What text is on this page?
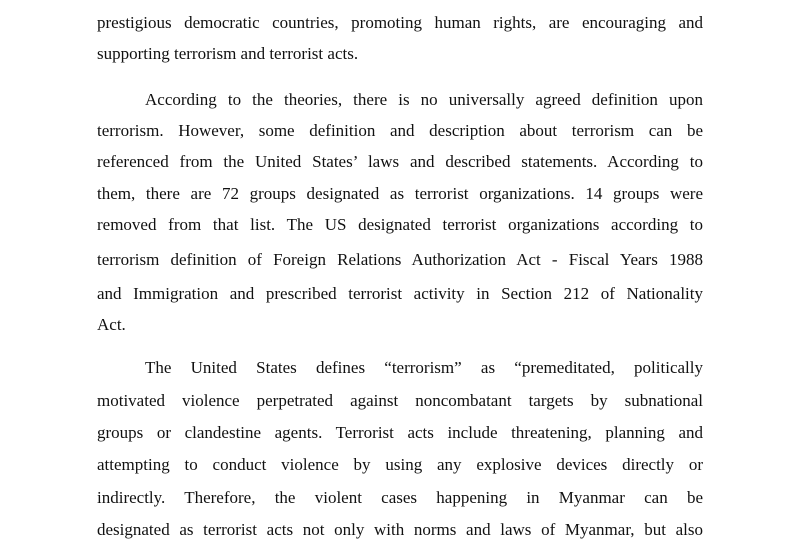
prestigious democratic countries, promoting human rights, are encouraging and

supporting terrorism and terrorist acts.

According to the theories, there is no universally agreed definition upon

terrorism. However, some definition and description about terrorism can be

referenced from the United States’ laws and described statements. According to

them, there are 72 groups designated as terrorist organizations. 14 groups were

removed from that list. The US designated terrorist organizations according to

terrorism definition of Foreign Relations Authorization Act - Fiscal Years 1988

and Immigration and prescribed terrorist activity in Section 212 of Nationality

Act.

The United States defines “terrorism” as “premeditated, politically

motivated violence perpetrated against noncombatant targets by subnational

groups or clandestine agents. Terrorist acts include threatening, planning and

attempting to conduct violence by using any explosive devices directly or

indirectly. Therefore, the violent cases happening in Myanmar can be

designated as terrorist acts not only with norms and laws of Myanmar, but also
